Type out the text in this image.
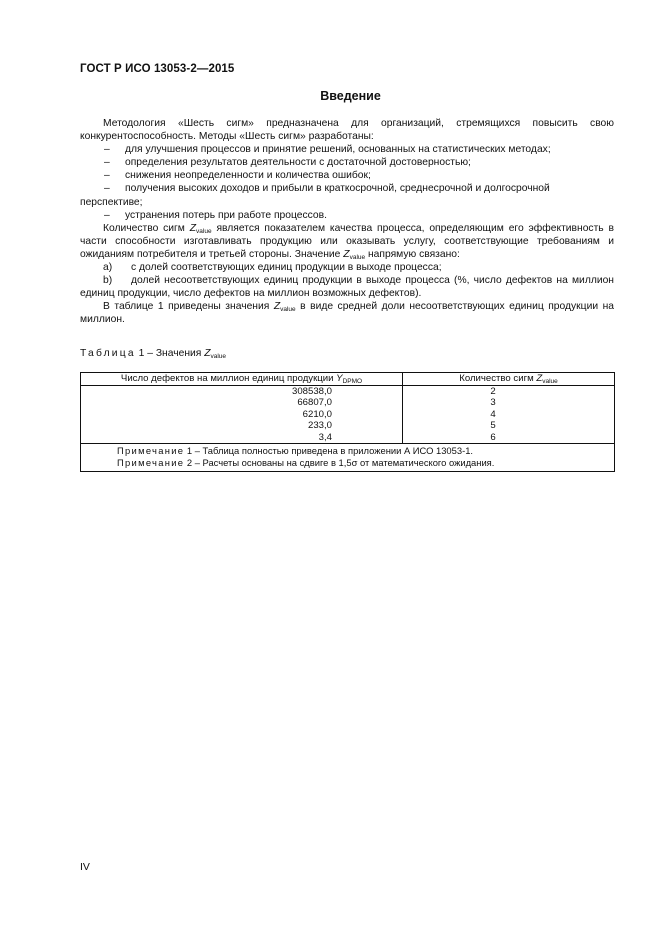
ГОСТ Р ИСО 13053-2—2015
Введение

Методология «Шесть сигм» предназначена для организаций, стремящихся повысить свою конкурентоспособность. Методы «Шесть сигм» разработаны:

– для улучшения процессов и принятие решений, основанных на статистических методах;

– определения результатов деятельности с достаточной достоверностью;

– снижения неопределенности и количества ошибок;

– получения высоких доходов и прибыли в краткосрочной, среднесрочной и долгосрочной

перспективе;

– устранения потерь при работе процессов.

Количество сигм $Z_{value}$ является показателем качества процесса, определяющим его эффективность в части способности изготавливать продукцию или оказывать услугу, соответствующие требованиям и ожиданиям потребителя и третьей стороны. Значение $Z_{value}$ напрямую связано:

a) с долей соответствующих единиц продукции в выходе процесса;

b) долей несоответствующих единиц продукции в выходе процесса (%, число дефектов на миллион единиц продукции, число дефектов на миллион возможных дефектов).

В таблице 1 приведены значения $Z_{value}$ в виде средней доли несоответствующих единиц продукции на миллион.

Таблица 1 – Значения $Z_{value}$
Число дефектов на миллион единиц продукции $Y_{DPMO}$	Количество сигм $Z_{value}$
308538,0	2
66807,0	3
6210,0	4
233,0	5
3,4	6

Примечание 1 – Таблица полностью приведена в приложении А ИСО 13053-1.
Примечание 2 – Расчеты основаны на сдвиге в 1,5σ от математического ожидания.	
IV
